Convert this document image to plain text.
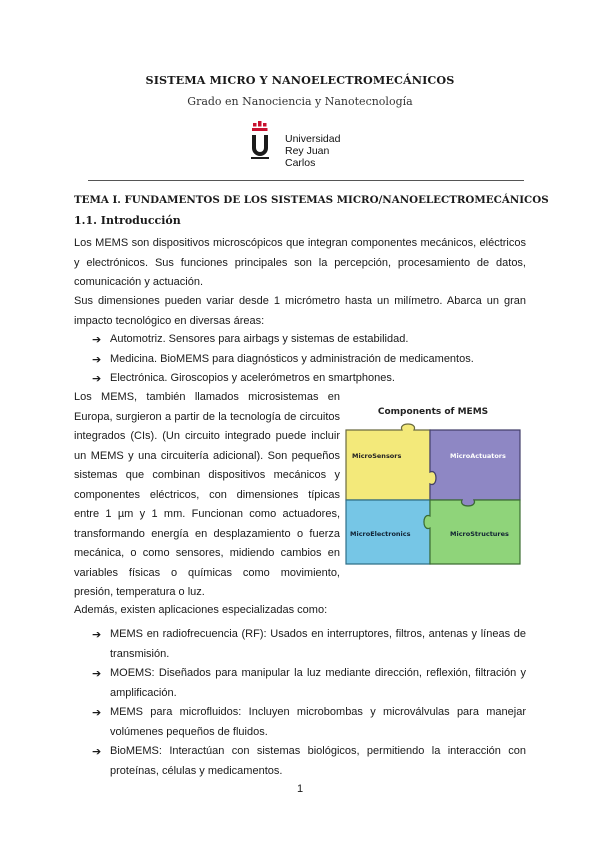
SISTEMA MICRO Y NANOELECTROMECÁNICOS
Grado en Nanociencia y Nanotecnología
Universidad
Rey Juan Carlos
TEMA I. FUNDAMENTOS DE LOS SISTEMAS MICRO/NANOELECTROMECÁNICOS
1.1. Introducción
Los MEMS son dispositivos microscópicos que integran componentes mecánicos, eléctricos y electrónicos. Sus funciones principales son la percepción, procesamiento de datos, comunicación y actuación.
Sus dimensiones pueden variar desde 1 micrómetro hasta un milímetro. Abarca un gran impacto tecnológico en diversas áreas:
➔ Automotriz. Sensores para airbags y sistemas de estabilidad.
➔ Medicina. BioMEMS para diagnósticos y administración de medicamentos.
➔ Electrónica. Giroscopios y acelerómetros en smartphones.
Los MEMS, también llamados microsistemas en Europa, surgieron a partir de la tecnología de circuitos integrados (CIs). (Un circuito integrado puede incluir un MEMS y una circuitería adicional). Son pequeños sistemas que combinan dispositivos mecánicos y componentes eléctricos, con dimensiones típicas entre 1 µm y 1 mm. Funcionan como actuadores, transformando energía en desplazamiento o fuerza mecánica, o como sensores, midiendo cambios en variables físicas o químicas como movimiento, presión, temperatura o luz.
Components of MEMS
MicroSensors	MicroActuators
MicroElectronics	MicroStructures
Además, existen aplicaciones especializadas como:
➔ MEMS en radiofrecuencia (RF): Usados en interruptores, filtros, antenas y líneas de transmisión.
➔ MOEMS: Diseñados para manipular la luz mediante dirección, reflexión, filtración y amplificación.
➔ MEMS para microfluidos: Incluyen microbombas y microválvulas para manejar volúmenes pequeños de fluidos.
➔ BioMEMS: Interactúan con sistemas biológicos, permitiendo la interacción con proteínas, células y medicamentos.
1
